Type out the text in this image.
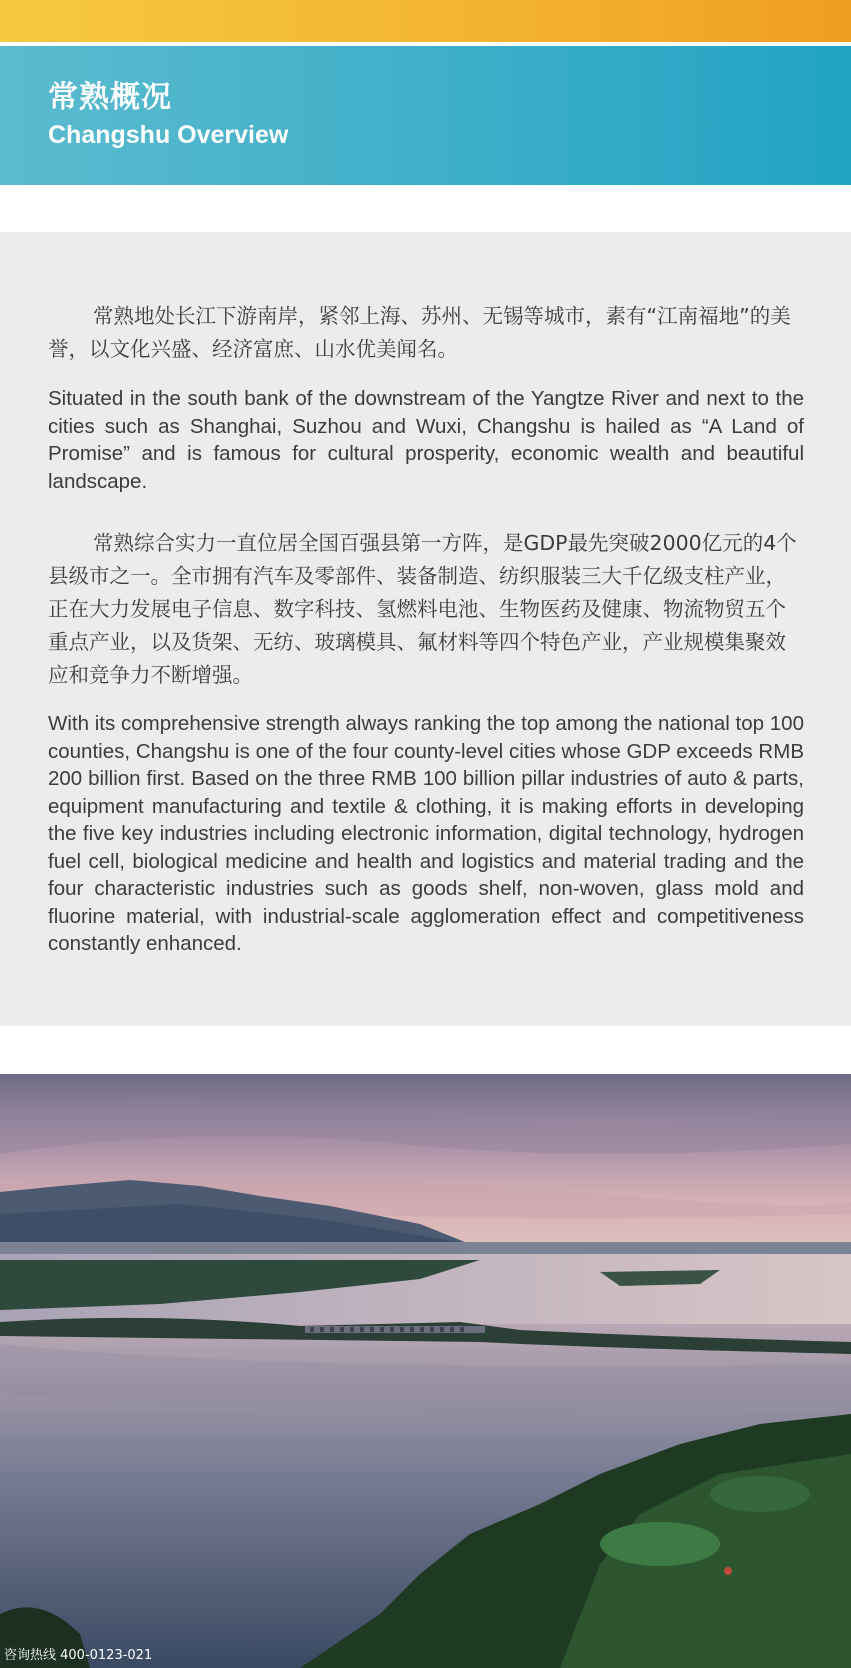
常熟概况
Changshu Overview

常熟地处长江下游南岸，紧邻上海、苏州、无锡等城市，素有“江南福地”的美誉，以文化兴盛、经济富庶、山水优美闻名。

Situated in the south bank of the downstream of the Yangtze River and next to the cities such as Shanghai, Suzhou and Wuxi, Changshu is hailed as “A Land of Promise” and is famous for cultural prosperity, economic wealth and beautiful landscape.

常熟综合实力一直位居全国百强县第一方阵，是GDP最先突破2000亿元的4个县级市之一。全市拥有汽车及零部件、装备制造、纺织服装三大千亿级支柱产业，正在大力发展电子信息、数字科技、氢燃料电池、生物医药及健康、物流物贸五个重点产业，以及货架、无纺、玻璃模具、氟材料等四个特色产业，产业规模集聚效应和竞争力不断增强。

With its comprehensive strength always ranking the top among the national top 100 counties, Changshu is one of the four county-level cities whose GDP exceeds RMB 200 billion first. Based on the three RMB 100 billion pillar industries of auto & parts, equipment manufacturing and textile & clothing, it is making efforts in developing the five key industries including electronic information, digital technology, hydrogen fuel cell, biological medicine and health and logistics and material trading and the four characteristic industries such as goods shelf, non-woven, glass mold and fluorine material, with industrial-scale agglomeration effect and competitiveness constantly enhanced.

咨询热线 400-0123-021
